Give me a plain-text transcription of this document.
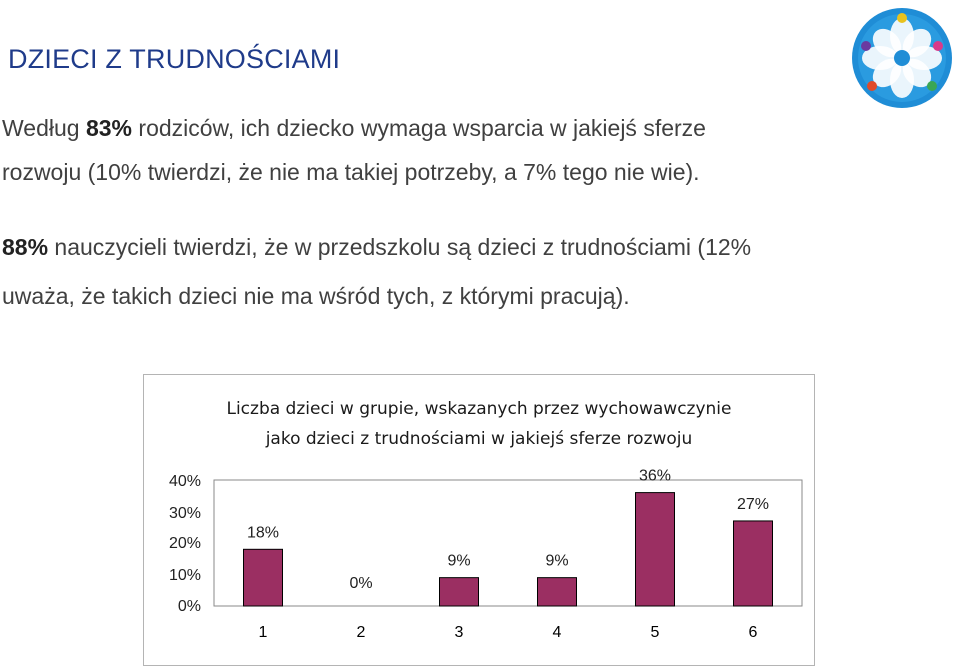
DZIECI Z TRUDNOŚCIAMI
Według 83% rodziców, ich dziecko wymaga wsparcia w jakiejś sferze
rozwoju (10% twierdzi, że nie ma takiej potrzeby, a 7% tego nie wie).
88% nauczycieli twierdzi, że w przedszkolu są dzieci z trudnościami (12%
uważa, że takich dzieci nie ma wśród tych, z którymi pracują).
Liczba dzieci w grupie, wskazanych przez wychowawczynie
jako dzieci z trudnościami w jakiejś sferze rozwoju
40%
30%
20%
10%
0%
18%
1
0%
2
9%
3
9%
4
36%
5
27%
6
